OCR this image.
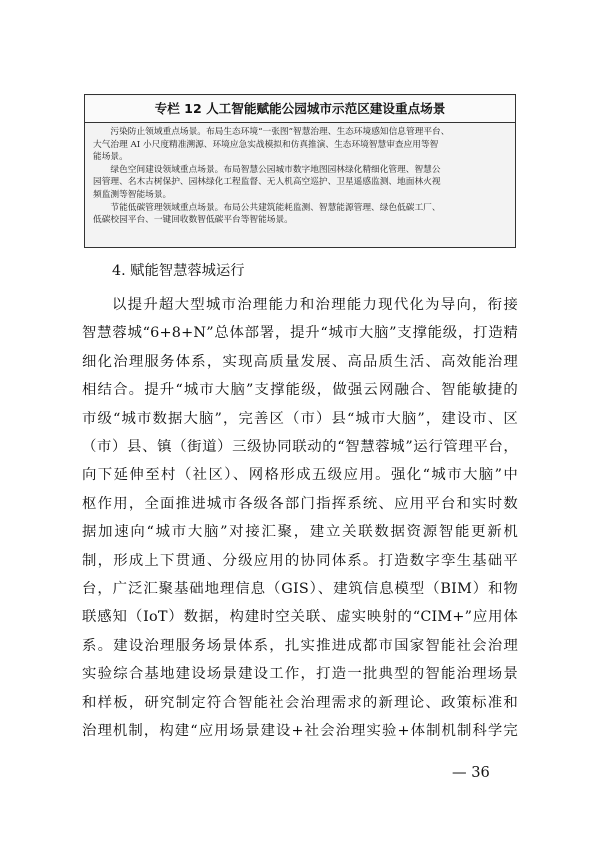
专栏 12 人工智能赋能公园城市示范区建设重点场景

污染防止领域重点场景。布局生态环境“一张图”智慧治理、生态环境感知信息管理平台、
大气治理 AI 小尺度精准溯源、环境应急实战模拟和仿真推演、生态环境智慧审查应用等智
能场景。

绿色空间建设领域重点场景。布局智慧公园城市数字地图园林绿化精细化管理、智慧公
园管理、名木古树保护、园林绿化工程监督、无人机高空巡护、卫星遥感监测、地面林火视
频监测等智能场景。

节能低碳管理领域重点场景。布局公共建筑能耗监测、智慧能源管理、绿色低碳工厂、
低碳校园平台、一键回收数智低碳平台等智能场景。

4. 赋能智慧蓉城运行
以提升超大型城市治理能力和治理能力现代化为导向，衔接
智慧蓉城“6+8+N”总体部署，提升“城市大脑”支撑能级，打造精
细化治理服务体系，实现高质量发展、高品质生活、高效能治理
相结合。提升“城市大脑”支撑能级，做强云网融合、智能敏捷的
市级“城市数据大脑”，完善区（市）县“城市大脑”，建设市、区
（市）县、镇（街道）三级协同联动的“智慧蓉城”运行管理平台，
向下延伸至村（社区）、网格形成五级应用。强化“城市大脑”中
枢作用，全面推进城市各级各部门指挥系统、应用平台和实时数
据加速向“城市大脑”对接汇聚，建立关联数据资源智能更新机
制，形成上下贯通、分级应用的协同体系。打造数字孪生基础平
台，广泛汇聚基础地理信息（GIS）、建筑信息模型（BIM）和物
联感知（IoT）数据，构建时空关联、虚实映射的“CIM+”应用体
系。建设治理服务场景体系，扎实推进成都市国家智能社会治理
实验综合基地建设场景建设工作，打造一批典型的智能治理场景
和样板，研究制定符合智能社会治理需求的新理论、政策标准和
治理机制，构建“应用场景建设+社会治理实验+体制机制科学完
— 36
